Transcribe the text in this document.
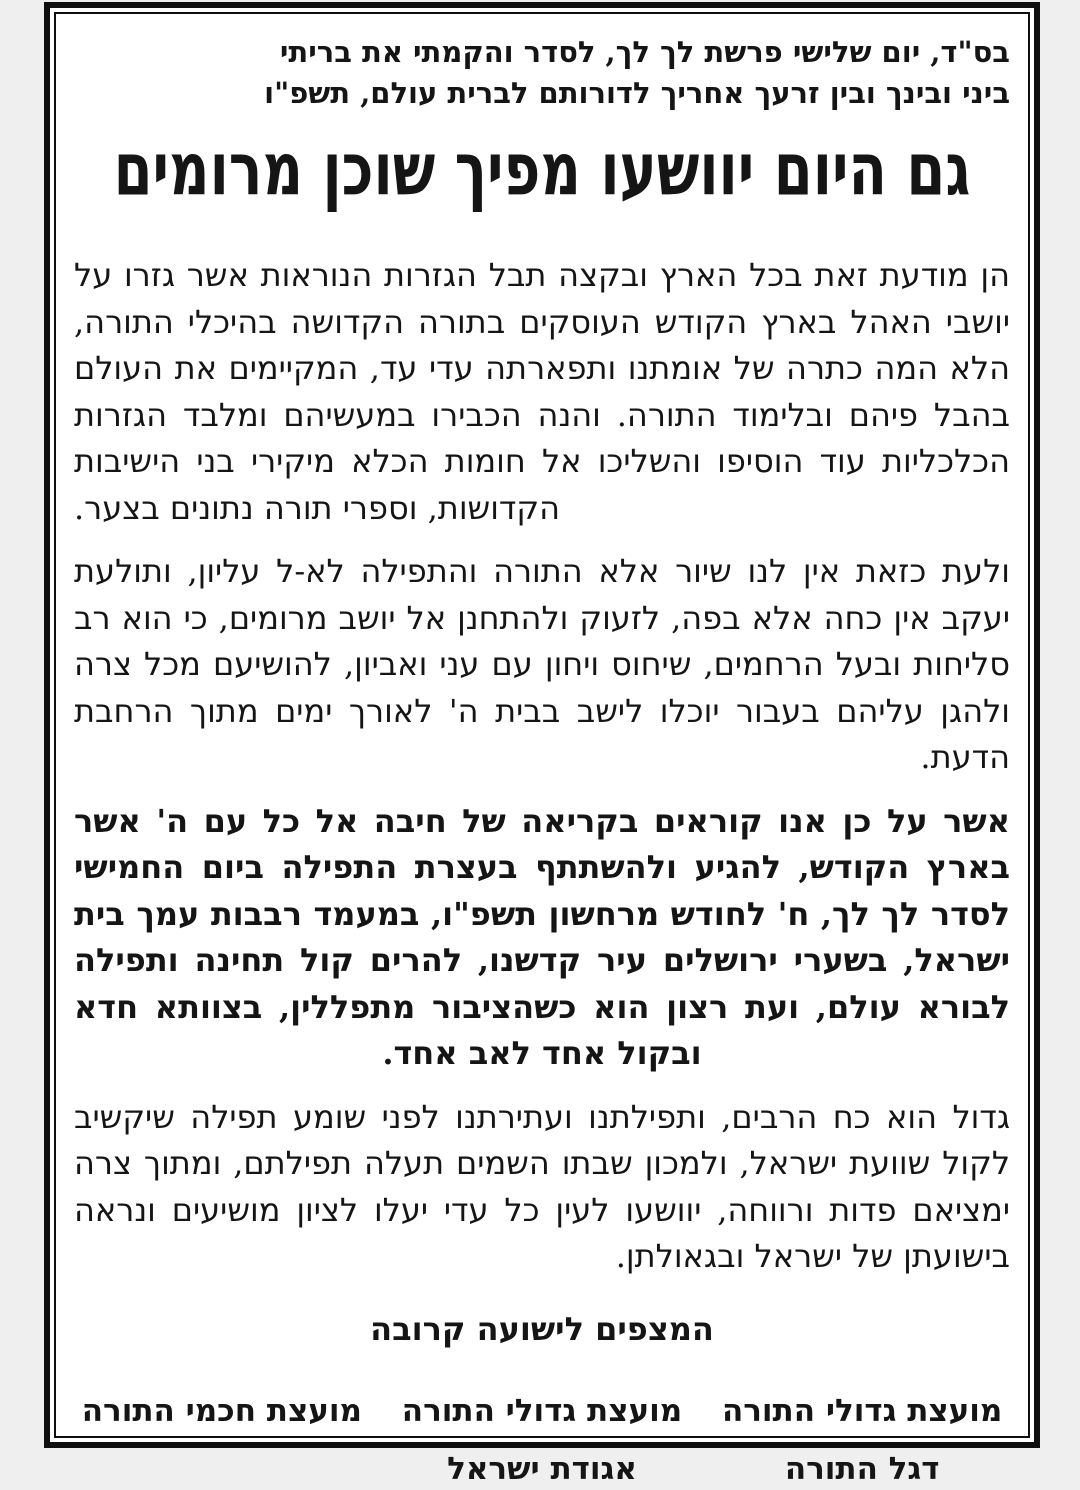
בס"ד, יום שלישי פרשת לך לך, לסדר והקמתי את בריתי
ביני ובינך ובין זרעך אחריך לדורותם לברית עולם, תשפ"ו
גם היום יוושעו מפיך שוכן מרומים
הן מודעת זאת בכל הארץ ובקצה תבל הגזרות הנוראות אשר גזרו על יושבי האהל בארץ הקודש העוסקים בתורה הקדושה בהיכלי התורה, הלא המה כתרה של אומתנו ותפארתה עדי עד, המקיימים את העולם בהבל פיהם ובלימוד התורה. והנה הכבירו במעשיהם ומלבד הגזרות הכלכליות עוד הוסיפו והשליכו אל חומות הכלא מיקירי בני הישיבות הקדושות, וספרי תורה נתונים בצער.
ולעת כזאת אין לנו שיור אלא התורה והתפילה לא-ל עליון, ותולעת יעקב אין כחה אלא בפה, לזעוק ולהתחנן אל יושב מרומים, כי הוא רב סליחות ובעל הרחמים, שיחוס ויחון עם עני ואביון, להושיעם מכל צרה ולהגן עליהם בעבור יוכלו לישב בבית ה' לאורך ימים מתוך הרחבת הדעת.
אשר על כן אנו קוראים בקריאה של חיבה אל כל עם ה' אשר בארץ הקודש, להגיע ולהשתתף בעצרת התפילה ביום החמישי לסדר לך לך, ח' לחודש מרחשון תשפ"ו, במעמד רבבות עמך בית ישראל, בשערי ירושלים עיר קדשנו, להרים קול תחינה ותפילה לבורא עולם, ועת רצון הוא כשהציבור מתפללין, בצוותא חדא ובקול אחד לאב אחד.
גדול הוא כח הרבים, ותפילתנו ועתירתנו לפני שומע תפילה שיקשיב לקול שוועת ישראל, ולמכון שבתו השמים תעלה תפילתם, ומתוך צרה ימציאם פדות ורווחה, יוושעו לעין כל עדי יעלו לציון מושיעים ונראה בישועתן של ישראל ובגאולתן.
המצפים לישועה קרובה
מועצת גדולי התורה
דגל התורה
מועצת גדולי התורה
אגודת ישראל
מועצת חכמי התורה
